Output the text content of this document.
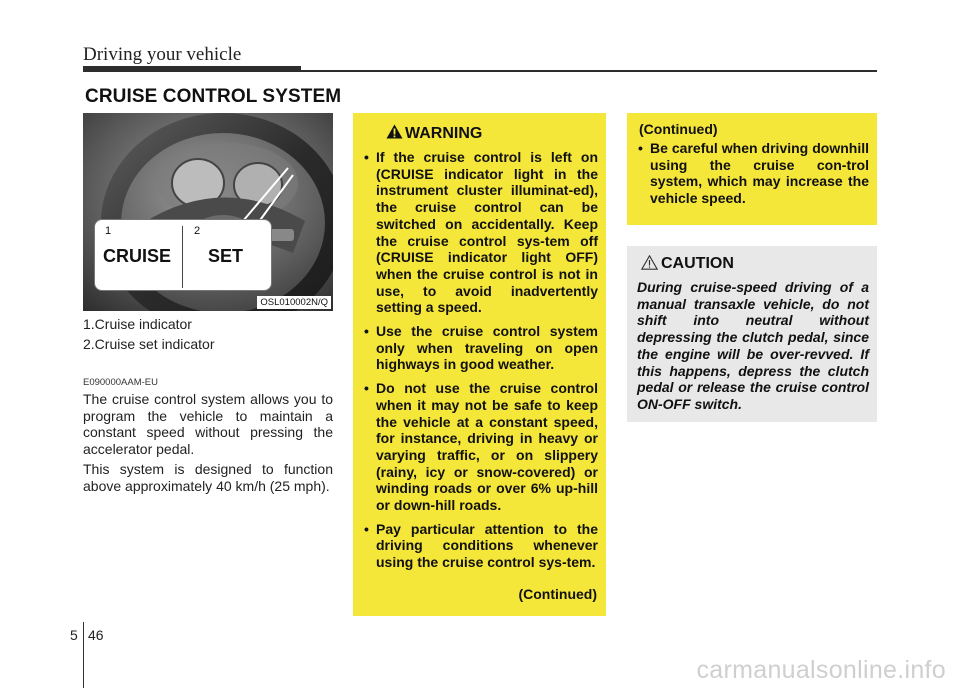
Driving your vehicle
CRUISE CONTROL SYSTEM
OSL010002N/Q
1	2
CRUISE SET
1.Cruise indicator
2.Cruise set indicator
E090000AAM-EU

The cruise control system allows you to program the vehicle to maintain a constant speed without pressing the accelerator pedal.

This system is designed to function above approximately 40 km/h (25 mph).

WARNING
• If the cruise control is left on (CRUISE indicator light in the instrument cluster illuminat-ed), the cruise control can be switched on accidentally. Keep the cruise control sys-tem off (CRUISE indicator light OFF) when the cruise control is not in use, to avoid inadvertently setting a speed.
• Use the cruise control system only when traveling on open highways in good weather.
• Do not use the cruise control when it may not be safe to keep the vehicle at a constant speed, for instance, driving in heavy or varying traffic, or on slippery (rainy, icy or snow-covered) or winding roads or over 6% up-hill or down-hill roads.
• Pay particular attention to the driving conditions whenever using the cruise control sys-tem.
(Continued)
(Continued)
• Be careful when driving downhill using the cruise con-trol system, which may increase the vehicle speed.
CAUTION

During cruise-speed driving of a manual transaxle vehicle, do not shift into neutral without depressing the clutch pedal, since the engine will be over-revved. If this happens, depress the clutch pedal or release the cruise control ON-OFF switch.

5 46
carmanualsonline.info
